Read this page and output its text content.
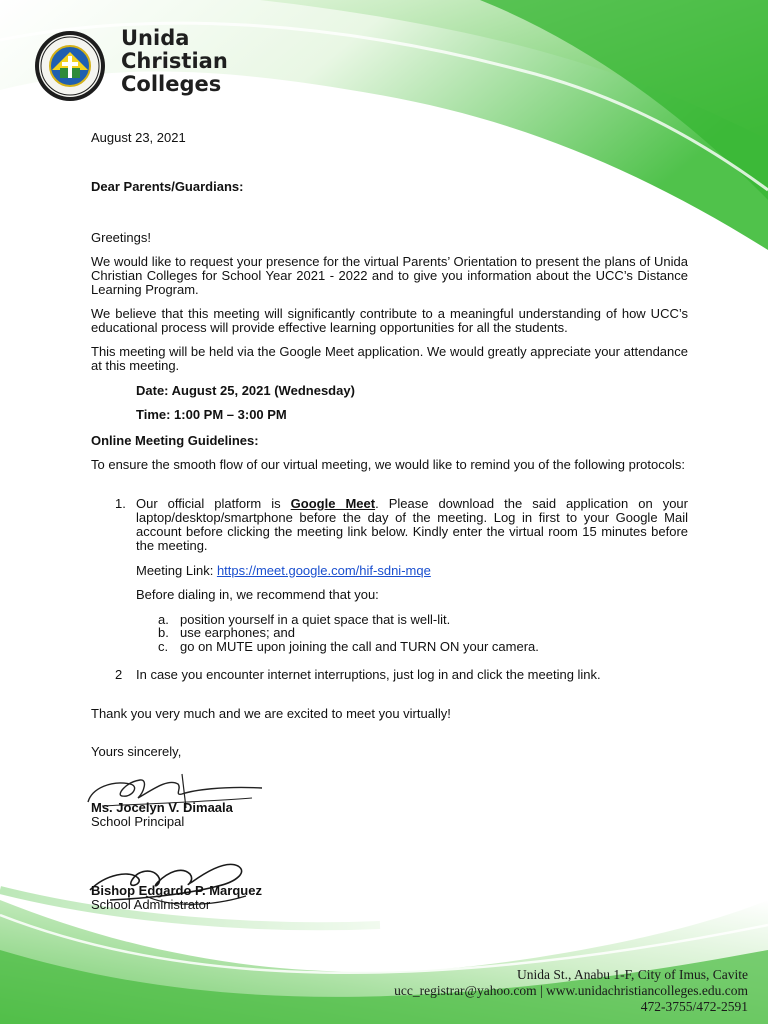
Unida
Christian
Colleges
August 23, 2021
Dear Parents/Guardians:
Greetings!
We would like to request your presence for the virtual Parents’ Orientation to present the plans of Unida Christian Colleges for School Year 2021 - 2022 and to give you information about the UCC’s Distance Learning Program.
We believe that this meeting will significantly contribute to a meaningful understanding of how UCC’s educational process will provide effective learning opportunities for all the students.
This meeting will be held via the Google Meet application. We would greatly appreciate your attendance at this meeting.
Date: August 25, 2021 (Wednesday)
Time: 1:00 PM – 3:00 PM
Online Meeting Guidelines:
To ensure the smooth flow of our virtual meeting, we would like to remind you of the following protocols:
1. Our official platform is Google Meet. Please download the said application on your laptop/desktop/smartphone before the day of the meeting. Log in first to your Google Mail account before clicking the meeting link below. Kindly enter the virtual room 15 minutes before the meeting.
Meeting Link: https://meet.google.com/hif-sdni-mqe
Before dialing in, we recommend that you:
a. position yourself in a quiet space that is well-lit.
b. use earphones; and
c. go on MUTE upon joining the call and TURN ON your camera.
2 In case you encounter internet interruptions, just log in and click the meeting link.
Thank you very much and we are excited to meet you virtually!
Yours sincerely,
Ms. Jocelyn V. Dimaala
School Principal
Bishop Edgardo P. Marquez
School Administrator
Unida St., Anabu 1-F, City of Imus, Cavite
ucc_registrar@yahoo.com | www.unidachristiancolleges.edu.com
472-3755/472-2591
